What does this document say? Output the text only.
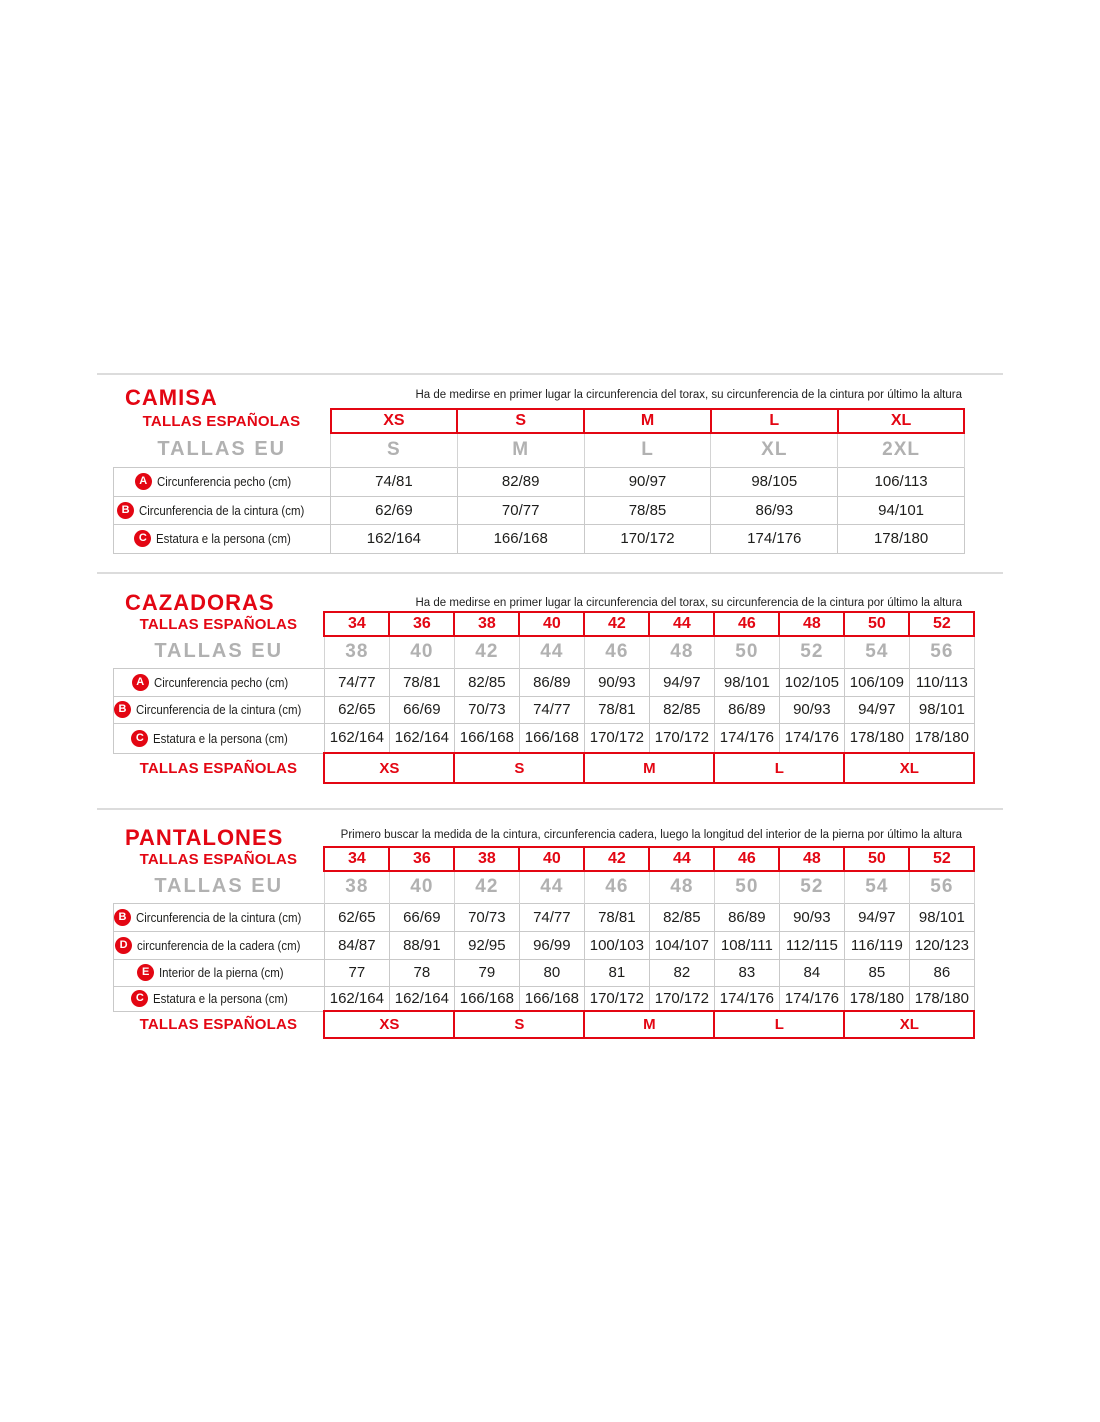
CAMISA	Ha de medirse en primer lugar la circunferencia del torax, su circunferencia de la cintura por último la altura
TALLAS ESPAÑOLAS	XS	S	M	L	XL
TALLAS EU	S	M	L	XL	2XL
A Circunferencia pecho (cm)	74/81	82/89	90/97	98/105	106/113
B Circunferencia de la cintura (cm)	62/69	70/77	78/85	86/93	94/101
C Estatura e la persona (cm)	162/164	166/168	170/172	174/176	178/180
CAZADORAS	Ha de medirse en primer lugar la circunferencia del torax, su circunferencia de la cintura por último la altura
TALLAS ESPAÑOLAS	34	36	38	40	42	44	46	48	50	52
TALLAS EU	38	40	42	44	46	48	50	52	54	56
A Circunferencia pecho (cm)	74/77	78/81	82/85	86/89	90/93	94/97	98/101	102/105	106/109	110/113
B Circunferencia de la cintura (cm)	62/65	66/69	70/73	74/77	78/81	82/85	86/89	90/93	94/97	98/101
C Estatura e la persona (cm)	162/164	162/164	166/168	166/168	170/172	170/172	174/176	174/176	178/180	178/180
TALLAS ESPAÑOLAS	XS		S		M		L		XL	
PANTALONES	Primero buscar la medida de la cintura, circunferencia cadera, luego la longitud del interior de la pierna por último la altura
TALLAS ESPAÑOLAS	34	36	38	40	42	44	46	48	50	52
TALLAS EU	38	40	42	44	46	48	50	52	54	56
B Circunferencia de la cintura (cm)	62/65	66/69	70/73	74/77	78/81	82/85	86/89	90/93	94/97	98/101
D circunferencia de la cadera (cm)	84/87	88/91	92/95	96/99	100/103	104/107	108/111	112/115	116/119	120/123
E Interior de la pierna (cm)	77	78	79	80	81	82	83	84	85	86
C Estatura e la persona (cm)	162/164	162/164	166/168	166/168	170/172	170/172	174/176	174/176	178/180	178/180
TALLAS ESPAÑOLAS	XS		S		M		L		XL	
